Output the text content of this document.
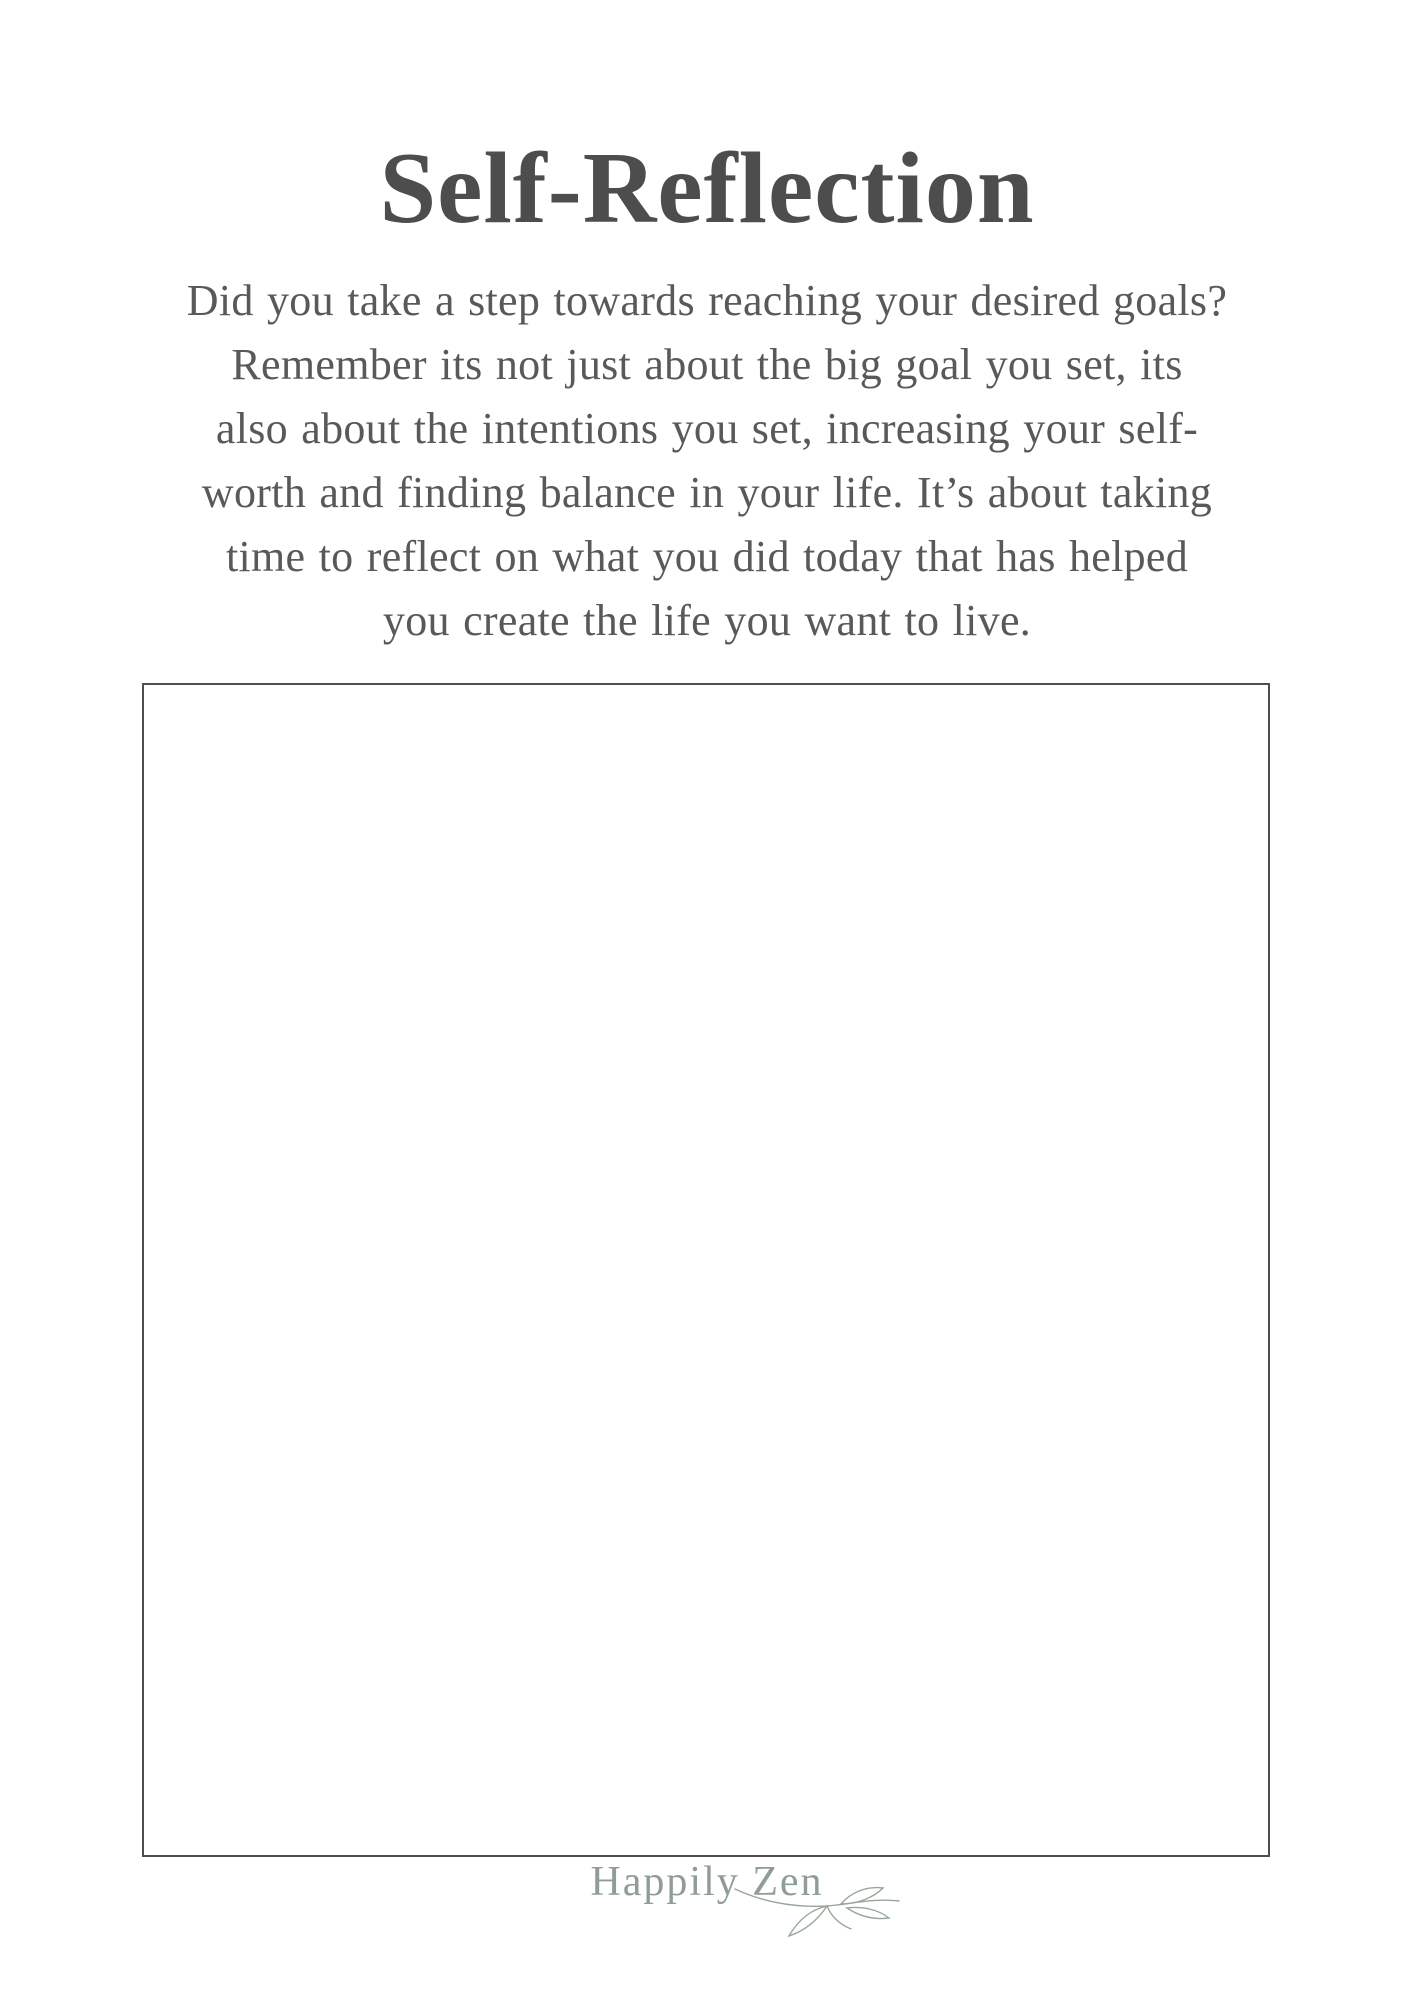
Self-Reflection
Did you take a step towards reaching your desired goals?
Remember its not just about the big goal you set, its
also about the intentions you set, increasing your self-
worth and finding balance in your life. It’s about taking
time to reflect on what you did today that has helped
you create the life you want to live.
Happily Zen
